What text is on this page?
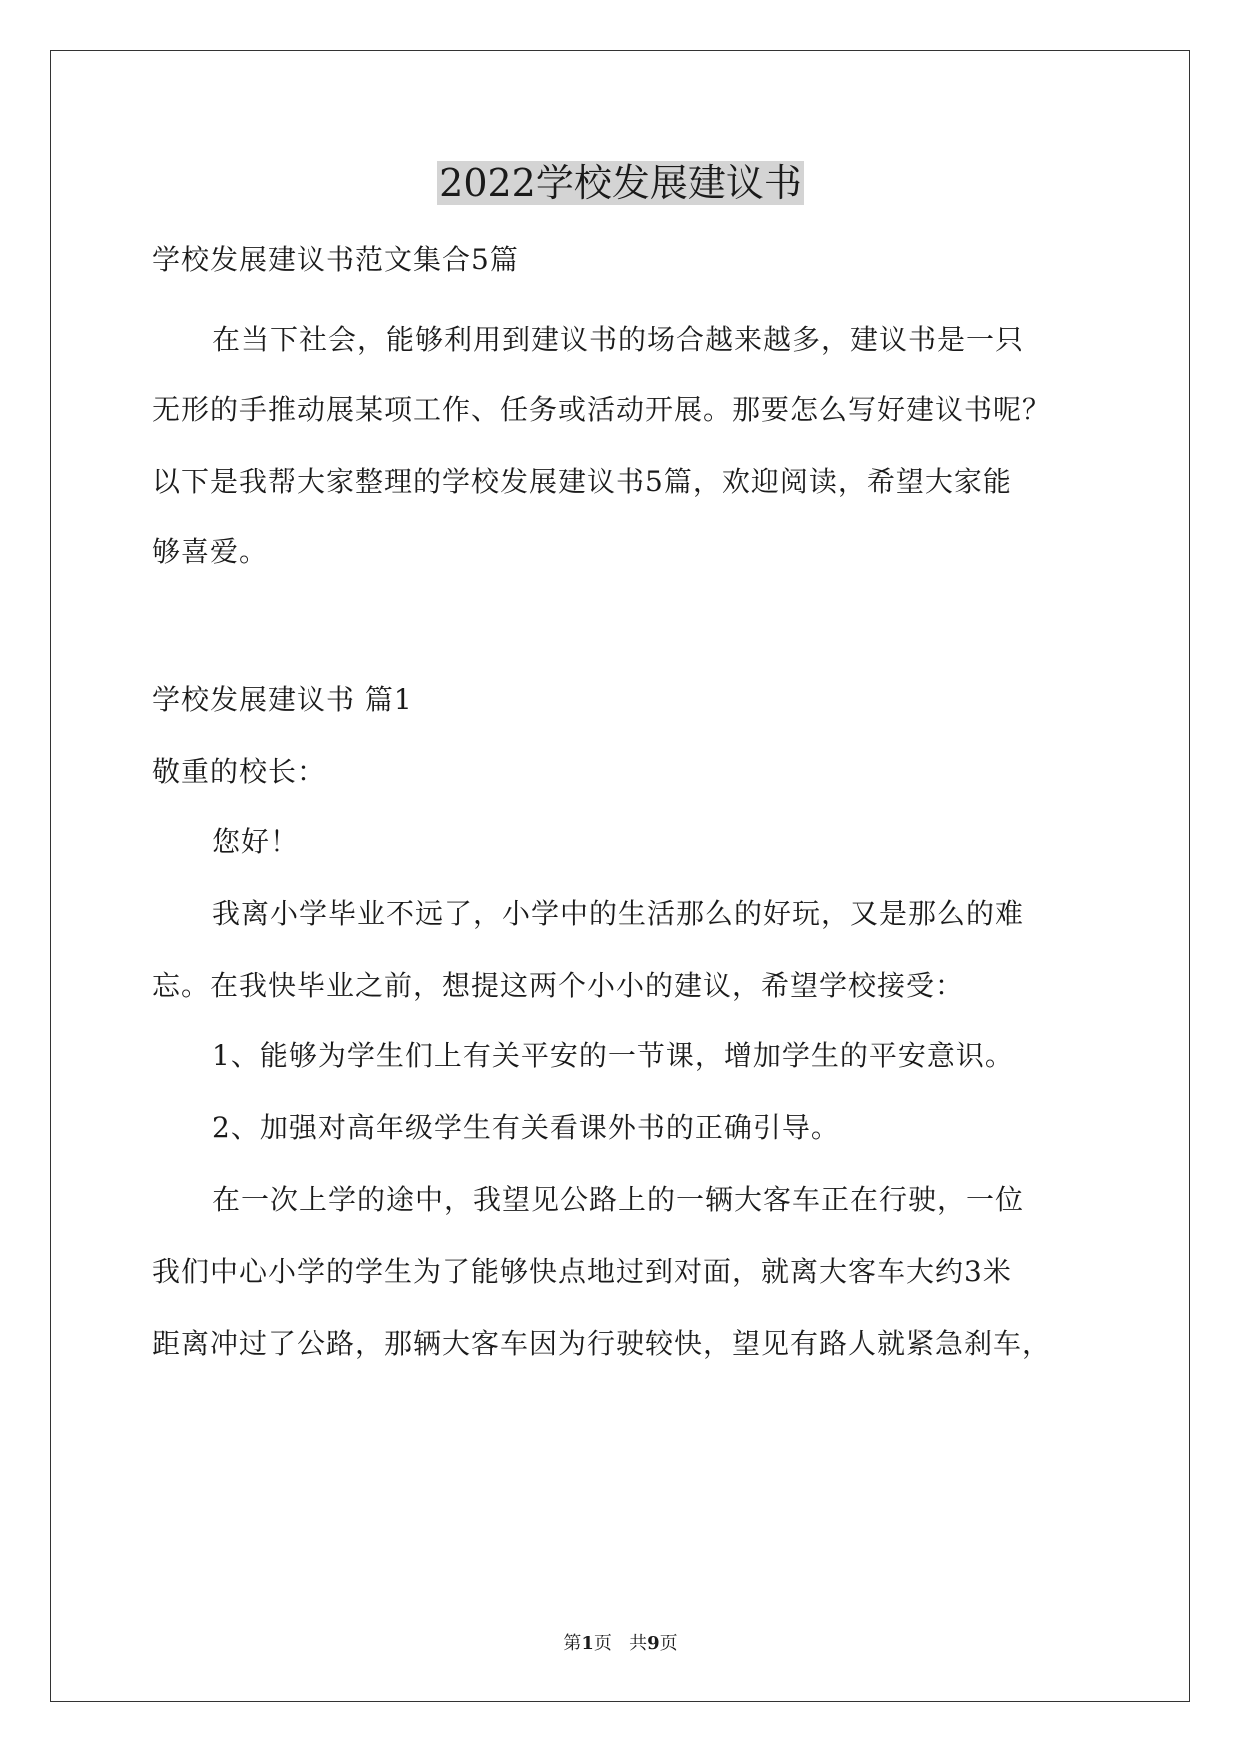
2022学校发展建议书
学校发展建议书范文集合5篇
在当下社会，能够利用到建议书的场合越来越多，建议书是一只
无形的手推动展某项工作、任务或活动开展。那要怎么写好建议书呢？
以下是我帮大家整理的学校发展建议书5篇，欢迎阅读，希望大家能
够喜爱。
学校发展建议书 篇1
敬重的校长：
您好！
我离小学毕业不远了，小学中的生活那么的好玩，又是那么的难
忘。在我快毕业之前，想提这两个小小的建议，希望学校接受：
1、能够为学生们上有关平安的一节课，增加学生的平安意识。
2、加强对高年级学生有关看课外书的正确引导。
在一次上学的途中，我望见公路上的一辆大客车正在行驶，一位
我们中心小学的学生为了能够快点地过到对面，就离大客车大约3米
距离冲过了公路，那辆大客车因为行驶较快，望见有路人就紧急刹车，
第1页 共9页
